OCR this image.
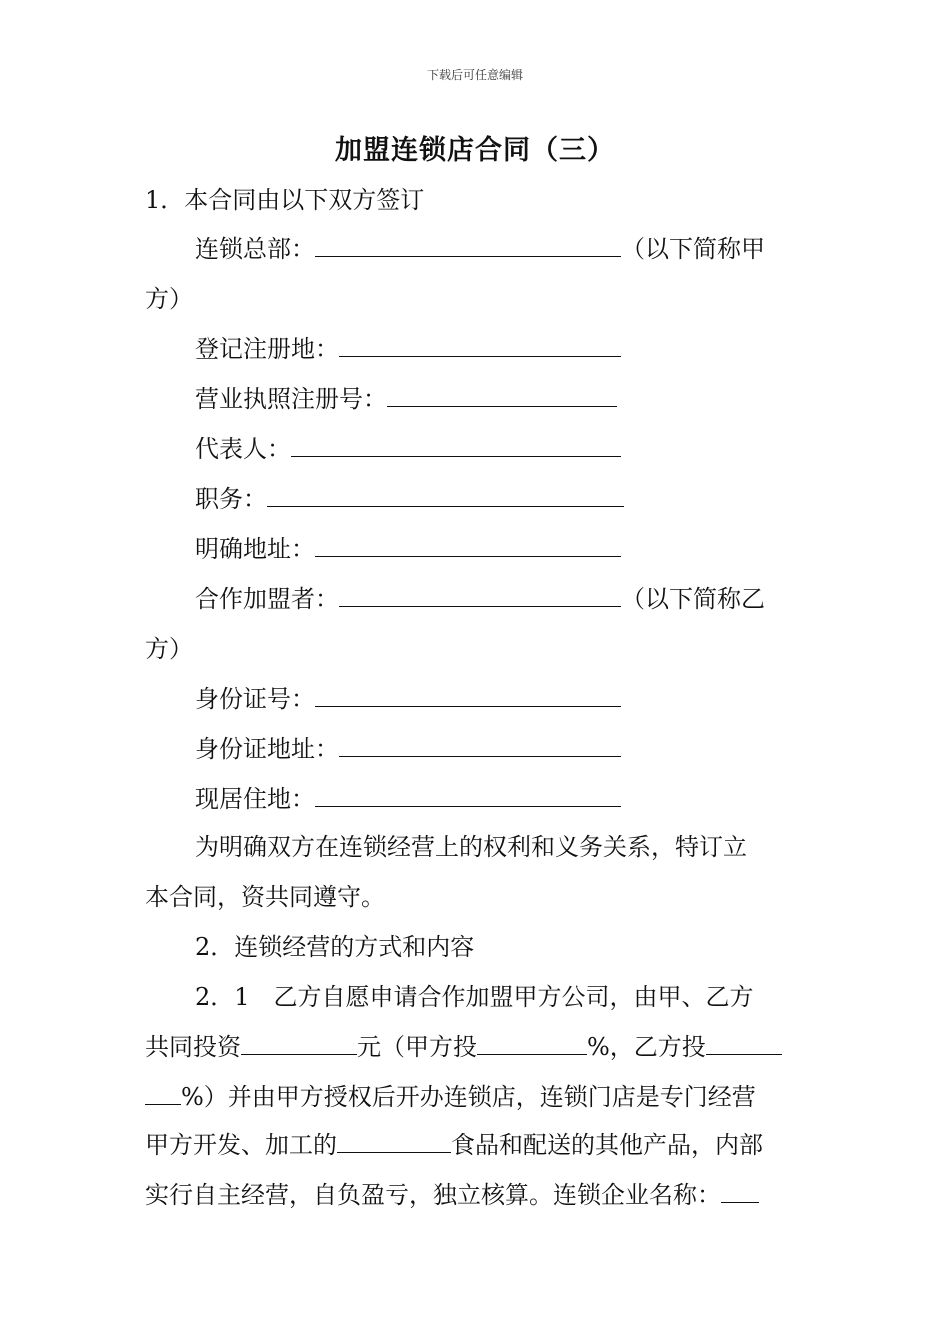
下载后可任意编辑
加盟连锁店合同（三）
1．本合同由以下双方签订
连锁总部：	（以下简称甲
方）
登记注册地：
营业执照注册号：
代表人：
职务：
明确地址：
合作加盟者：	（以下简称乙
方）
身份证号：
身份证地址：
现居住地：
为明确双方在连锁经营上的权利和义务关系，特订立
本合同，资共同遵守。
2．连锁经营的方式和内容
2．1　乙方自愿申请合作加盟甲方公司，由甲、乙方
共同投资	元（甲方投	%，乙方投
%）并由甲方授权后开办连锁店，连锁门店是专门经营
甲方开发、加工的	食品和配送的其他产品，内部
实行自主经营，自负盈亏，独立核算。连锁企业名称：
